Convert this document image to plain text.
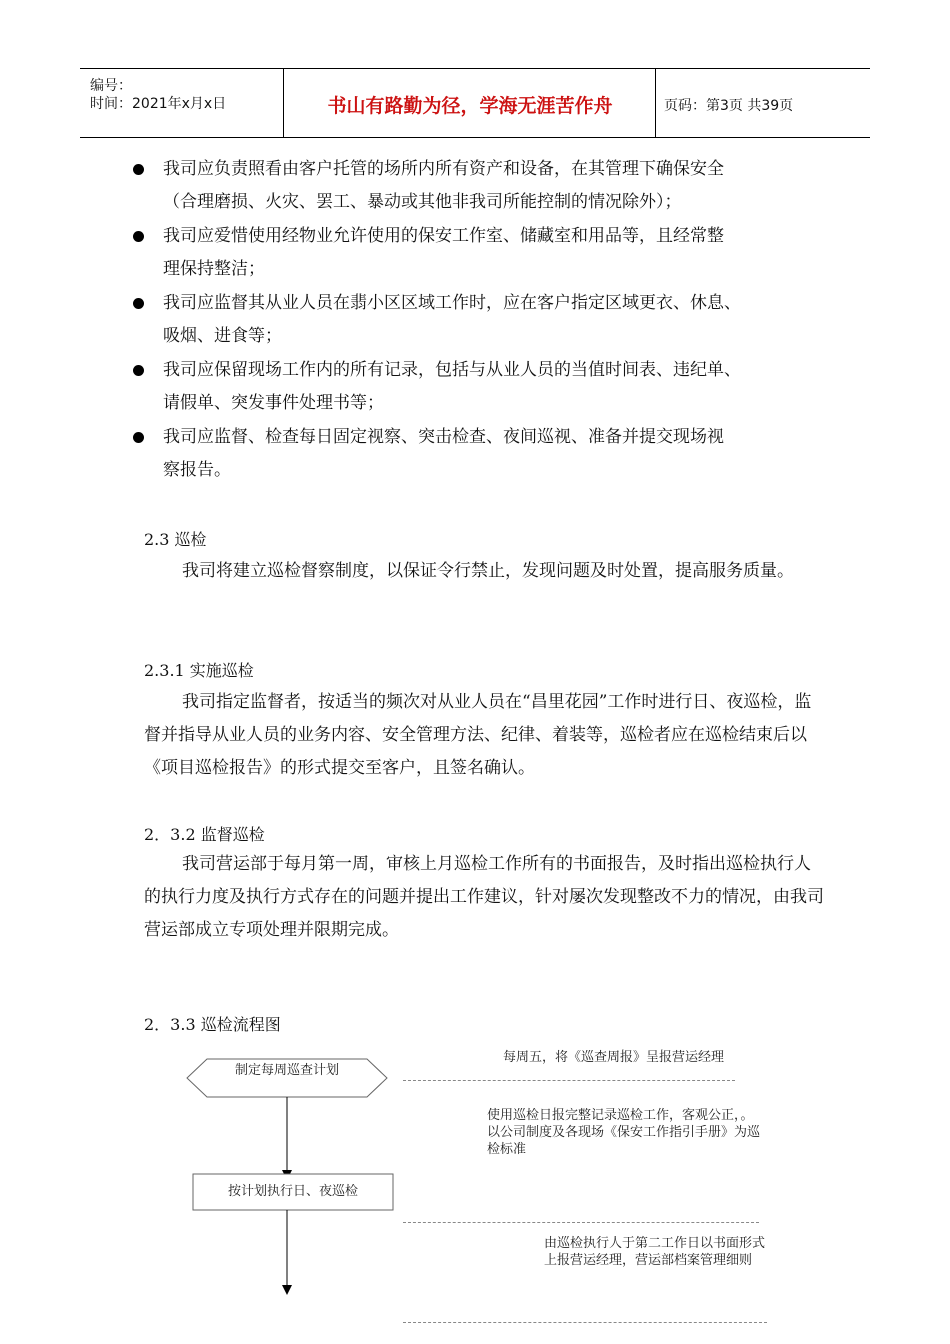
编号：
时间：2021年x月x日	书山有路勤为径，学海无涯苦作舟	页码：第3页 共39页
我司应负责照看由客户托管的场所内所有资产和设备，在其管理下确保安全
（合理磨损、火灾、罢工、暴动或其他非我司所能控制的情况除外）；
我司应爱惜使用经物业允许使用的保安工作室、储藏室和用品等，且经常整
理保持整洁；
我司应监督其从业人员在翡小区区域工作时，应在客户指定区域更衣、休息、
吸烟、进食等；
我司应保留现场工作内的所有记录，包括与从业人员的当值时间表、违纪单、
请假单、突发事件处理书等；
我司应监督、检查每日固定视察、突击检查、夜间巡视、准备并提交现场视
察报告。
2.3 巡检
我司将建立巡检督察制度，以保证令行禁止，发现问题及时处置，提高服务质量。
2.3.1 实施巡检
我司指定监督者，按适当的频次对从业人员在“昌里花园”工作时进行日、夜巡检，监督并指导从业人员的业务内容、安全管理方法、纪律、着装等，巡检者应在巡检结束后以《项目巡检报告》的形式提交至客户，且签名确认。
2．3.2 监督巡检
我司营运部于每月第一周，审核上月巡检工作所有的书面报告，及时指出巡检执行人的执行力度及执行方式存在的问题并提出工作建议，针对屡次发现整改不力的情况，由我司营运部成立专项处理并限期完成。
2．3.3 巡检流程图
制定每周巡查计划
按计划执行日、夜巡检
每周五，将《巡查周报》呈报营运经理
使用巡检日报完整记录巡检工作，客观公正，。以公司制度及各现场《保安工作指引手册》为巡检标准
由巡检执行人于第二工作日以书面形式上报营运经理，营运部档案管理细则
